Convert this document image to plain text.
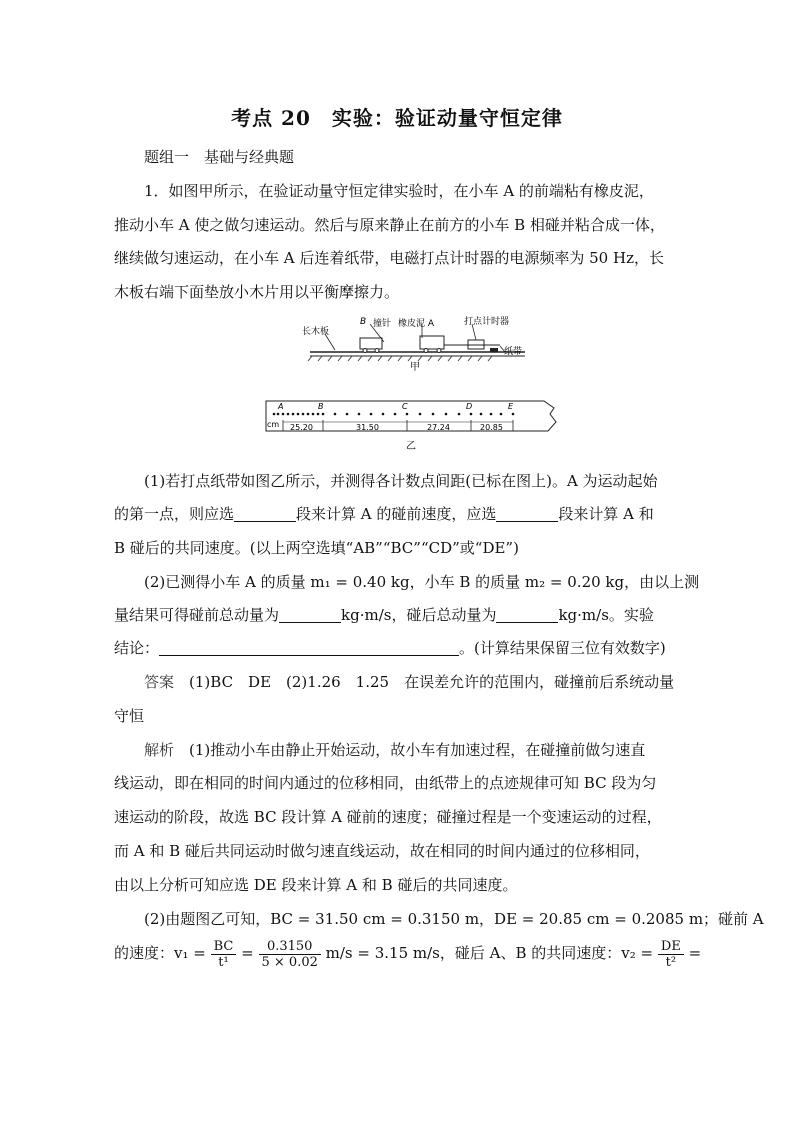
考点 20　实验：验证动量守恒定律
题组一　基础与经典题
1．如图甲所示，在验证动量守恒定律实验时，在小车 A 的前端粘有橡皮泥，
推动小车 A 使之做匀速运动。然后与原来静止在前方的小车 B 相碰并粘合成一体，
继续做匀速运动，在小车 A 后连着纸带，电磁打点计时器的电源频率为 50 Hz，长
木板右端下面垫放小木片用以平衡摩擦力。
长木板
B 撞针 橡皮泥 A	打点计时器
纸带
甲
A	B	C	D	E
cm 25.20	31.50	27.24	20.85
乙
(1)若打点纸带如图乙所示，并测得各计数点间距(已标在图上)。A 为运动起始
的第一点，则应选	段来计算 A 的碰前速度，应选	段来计算 A 和
B 碰后的共同速度。(以上两空选填“AB”“BC”“CD”或“DE”)
(2)已测得小车 A 的质量 m₁ = 0.40 kg，小车 B 的质量 m₂ = 0.20 kg，由以上测
量结果可得碰前总动量为	kg·m/s，碰后总动量为	kg·m/s。实验
结论：	。(计算结果保留三位有效数字)
答案　 (1)BC　DE　(2)1.26　1.25　在误差允许的范围内，碰撞前后系统动量
守恒
解析　 (1)推动小车由静止开始运动，故小车有加速过程，在碰撞前做匀速直
线运动，即在相同的时间内通过的位移相同，由纸带上的点迹规律可知 BC 段为匀
速运动的阶段，故选 BC 段计算 A 碰前的速度；碰撞过程是一个变速运动的过程，
而 A 和 B 碰后共同运动时做匀速直线运动，故在相同的时间内通过的位移相同，
由以上分析可知应选 DE 段来计算 A 和 B 碰后的共同速度。
(2)由题图乙可知，BC = 31.50 cm = 0.3150 m，DE = 20.85 cm = 0.2085 m；碰前 A
的速度：$v_1 = \frac{BC}{\text{t¹}} = \frac{0.3150}{5 \times 0.02} m/s = 3.15$ m/s，碰后 A、B 的共同速度：$v_2 = \frac{DE}{\text{t²}}$ =
